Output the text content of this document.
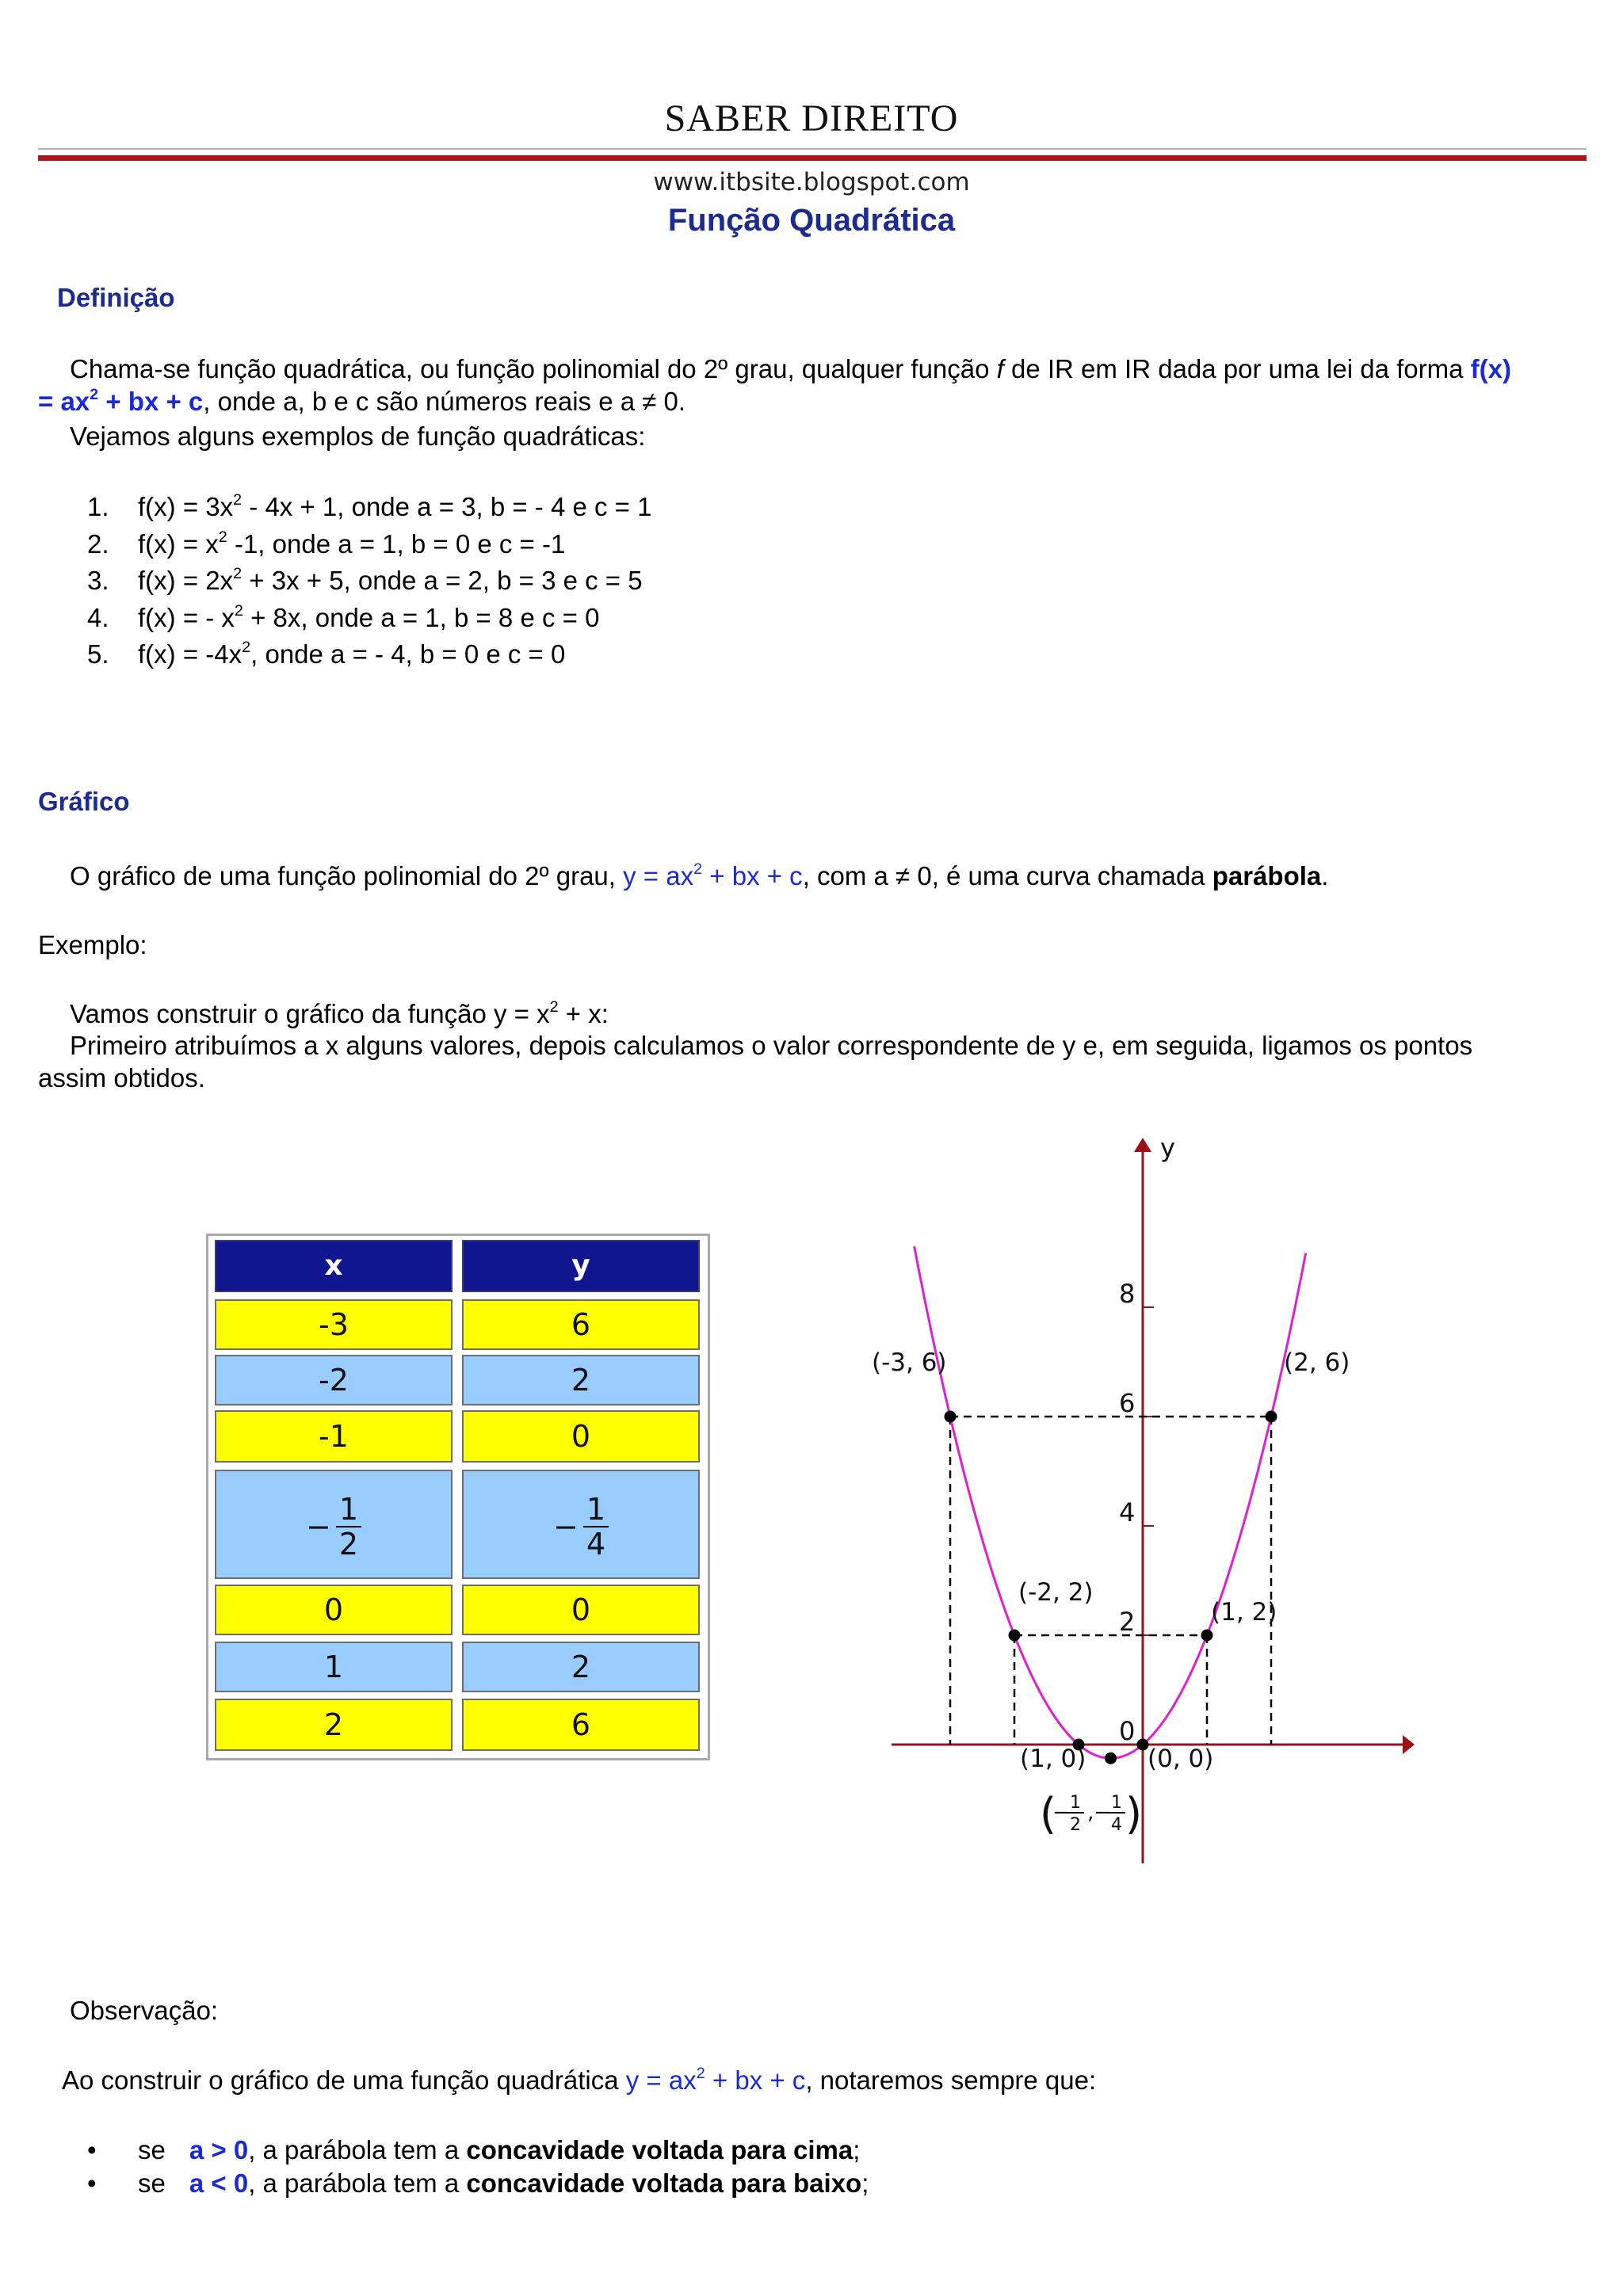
SABER DIREITO
www.itbsite.blogspot.com
Função Quadrática
Definição
Chama-se função quadrática, ou função polinomial do 2º grau, qualquer função f de IR em IR dada por uma lei da forma f(x)
= $ax^2$ + bx + c, onde a, b e c são números reais e a ≠ 0.
Vejamos alguns exemplos de função quadráticas:
1. $f(x) = 3x^2 - 4x + 1$, onde a = 3, b = - 4 e c = 1
2. $f(x) = x^2$ -1, onde a = 1, b = 0 e c = -1
3. $f(x) = 2x^2 + 3x + 5$, onde a = 2, b = 3 e c = 5
4. f(x) = - $x^2 + 8x$, onde a = 1, b = 8 e c = 0
5. $f(x) = -4x^2$, onde a = - 4, b = 0 e c = 0
Gráfico
O gráfico de uma função polinomial do 2º grau, $y = ax^2$ + bx + c, com a ≠ 0, é uma curva chamada parábola.
Exemplo:
Vamos construir o gráfico da função $y = x^2 + x$:
Primeiro atribuímos a x alguns valores, depois calculamos o valor correspondente de y e, em seguida, ligamos os pontos
assim obtidos.
x	y
-3	6
-2	2
-1	0
− $\frac{1}{2}$	− $\frac{1}{4}$
0	0
1	2
2	6
y
8
6
4
2
0
(-3, 6)	(2, 6)
(-2, 2)
(1, 2)
(1, 0)	(0, 0)
(
− 1
2
,− 1
4 )
Observação:
Ao construir o gráfico de uma função quadrática $y = ax^2$ + bx + c, notaremos sempre que:
• se a > 0, a parábola tem a concavidade voltada para cima;
• se a < 0, a parábola tem a concavidade voltada para baixo;
